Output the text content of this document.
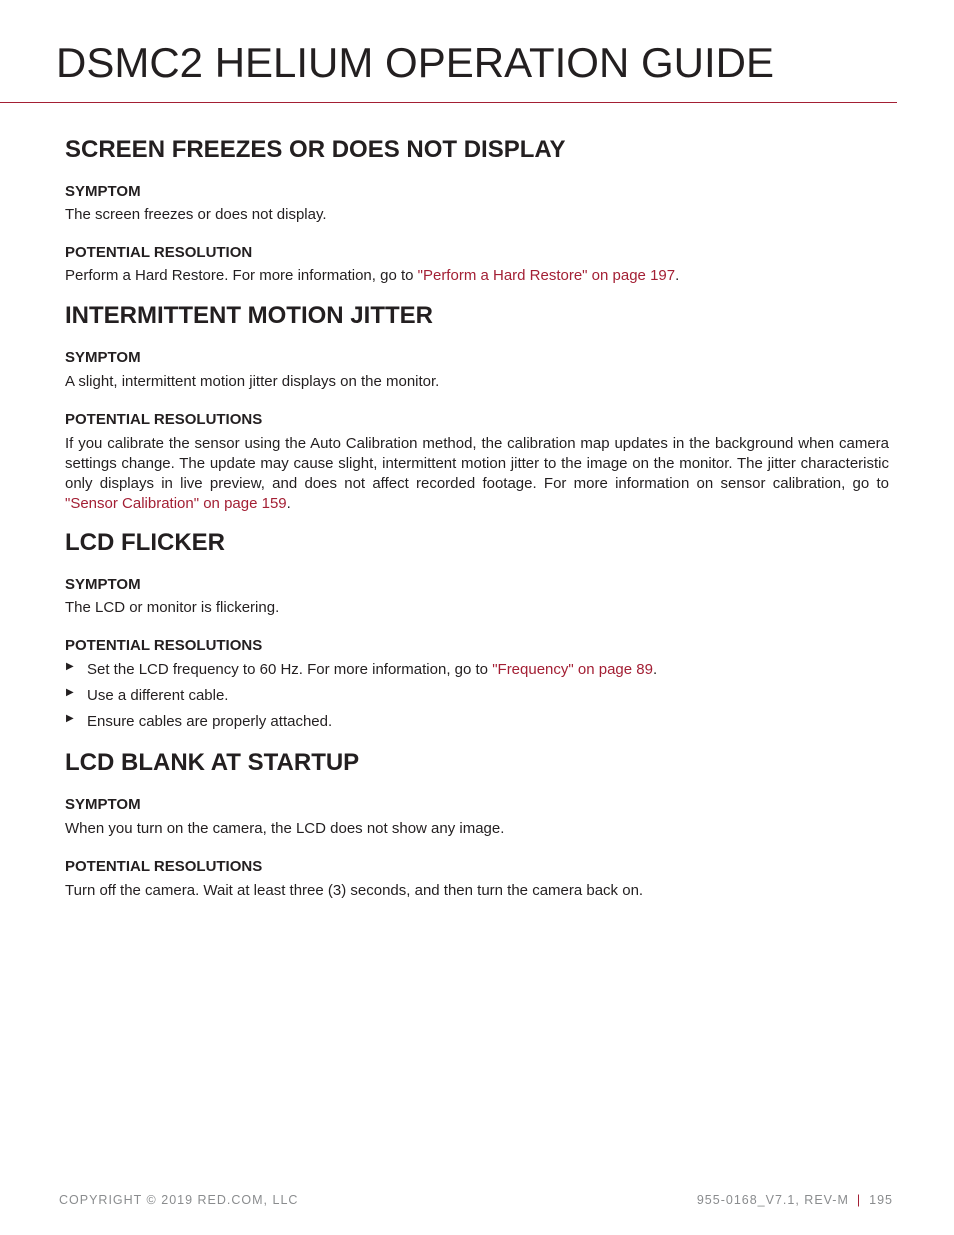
DSMC2 HELIUM OPERATION GUIDE
SCREEN FREEZES OR DOES NOT DISPLAY
SYMPTOM

The screen freezes or does not display.

POTENTIAL RESOLUTION

Perform a Hard Restore. For more information, go to "Perform a Hard Restore" on page 197.

INTERMITTENT MOTION JITTER
SYMPTOM

A slight, intermittent motion jitter displays on the monitor.

POTENTIAL RESOLUTIONS

If you calibrate the sensor using the Auto Calibration method, the calibration map updates in the background when camera settings change. The update may cause slight, intermittent motion jitter to the image on the monitor. The jitter characteristic only displays in live preview, and does not affect recorded footage. For more information on sensor calibration, go to "Sensor Calibration" on page 159.

LCD FLICKER
SYMPTOM

The LCD or monitor is flickering.

POTENTIAL RESOLUTIONS
▶ Set the LCD frequency to 60 Hz. For more information, go to "Frequency" on page 89.
▶ Use a different cable.
▶ Ensure cables are properly attached.
LCD BLANK AT STARTUP
SYMPTOM

When you turn on the camera, the LCD does not show any image.

POTENTIAL RESOLUTIONS

Turn off the camera. Wait at least three (3) seconds, and then turn the camera back on.

COPYRIGHT © 2019 RED.COM, LLC	955-0168_V7.1, REV-M | 195
